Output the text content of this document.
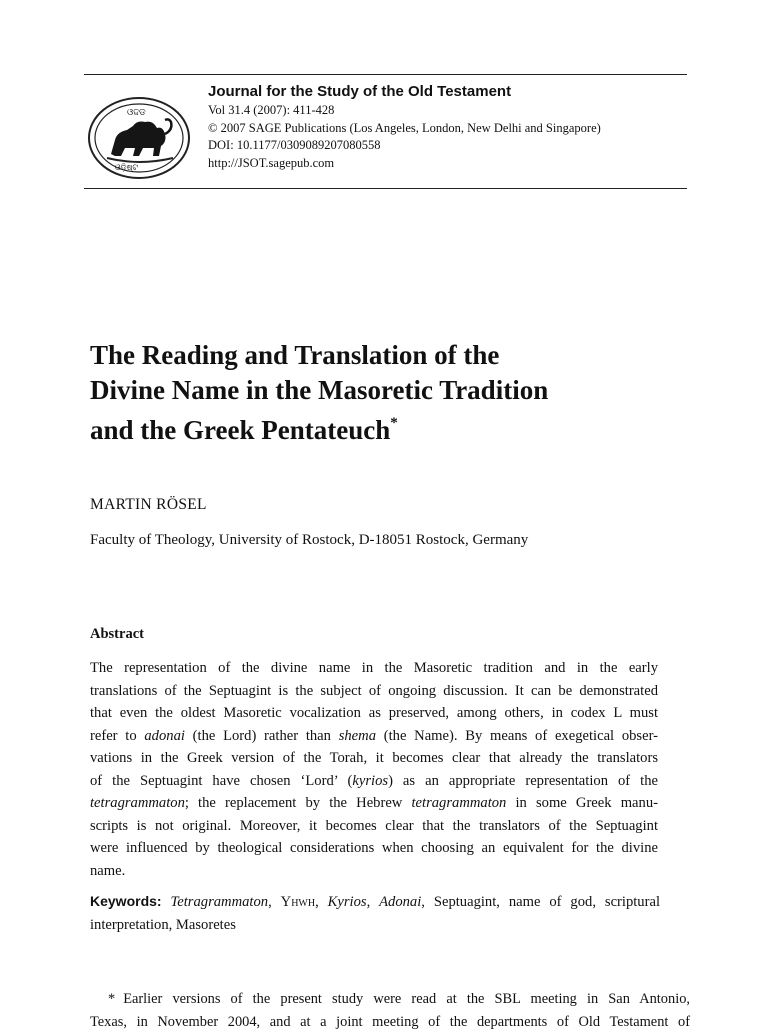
ଓଦ୍ଦଡ
ଓଡ଼ିଷ୍ଟ

Journal for the Study of the Old Testament

Vol 31.4 (2007): 411-428

© 2007 SAGE Publications (Los Angeles, London, New Delhi and Singapore)

DOI: 10.1177/0309089207080558

http://JSOT.sagepub.com

The Reading and Translation of the
Divine Name in the Masoretic Tradition
and the Greek Pentateuch*

MARTIN RÖSEL

Faculty of Theology, University of Rostock, D-18051 Rostock, Germany

Abstract

The representation of the divine name in the Masoretic tradition and in the early
translations of the Septuagint is the subject of ongoing discussion. It can be demonstrated
that even the oldest Masoretic vocalization as preserved, among others, in codex L must
refer to adonai (the Lord) rather than shema (the Name). By means of exegetical obser-
vations in the Greek version of the Torah, it becomes clear that already the translators
of the Septuagint have chosen ‘Lord’ (kyrios) as an appropriate representation of the
tetragrammaton; the replacement by the Hebrew tetragrammaton in some Greek manu-
scripts is not original. Moreover, it becomes clear that the translators of the Septuagint
were influenced by theological considerations when choosing an equivalent for the divine
name.
Keywords: Tetragrammaton, Yhwh, Kyrios, Adonai, Septuagint, name of god, scriptural
interpretation, Masoretes
* Earlier versions of the present study were read at the SBL meeting in San Antonio,
Texas, in November 2004, and at a joint meeting of the departments of Old Testament of
